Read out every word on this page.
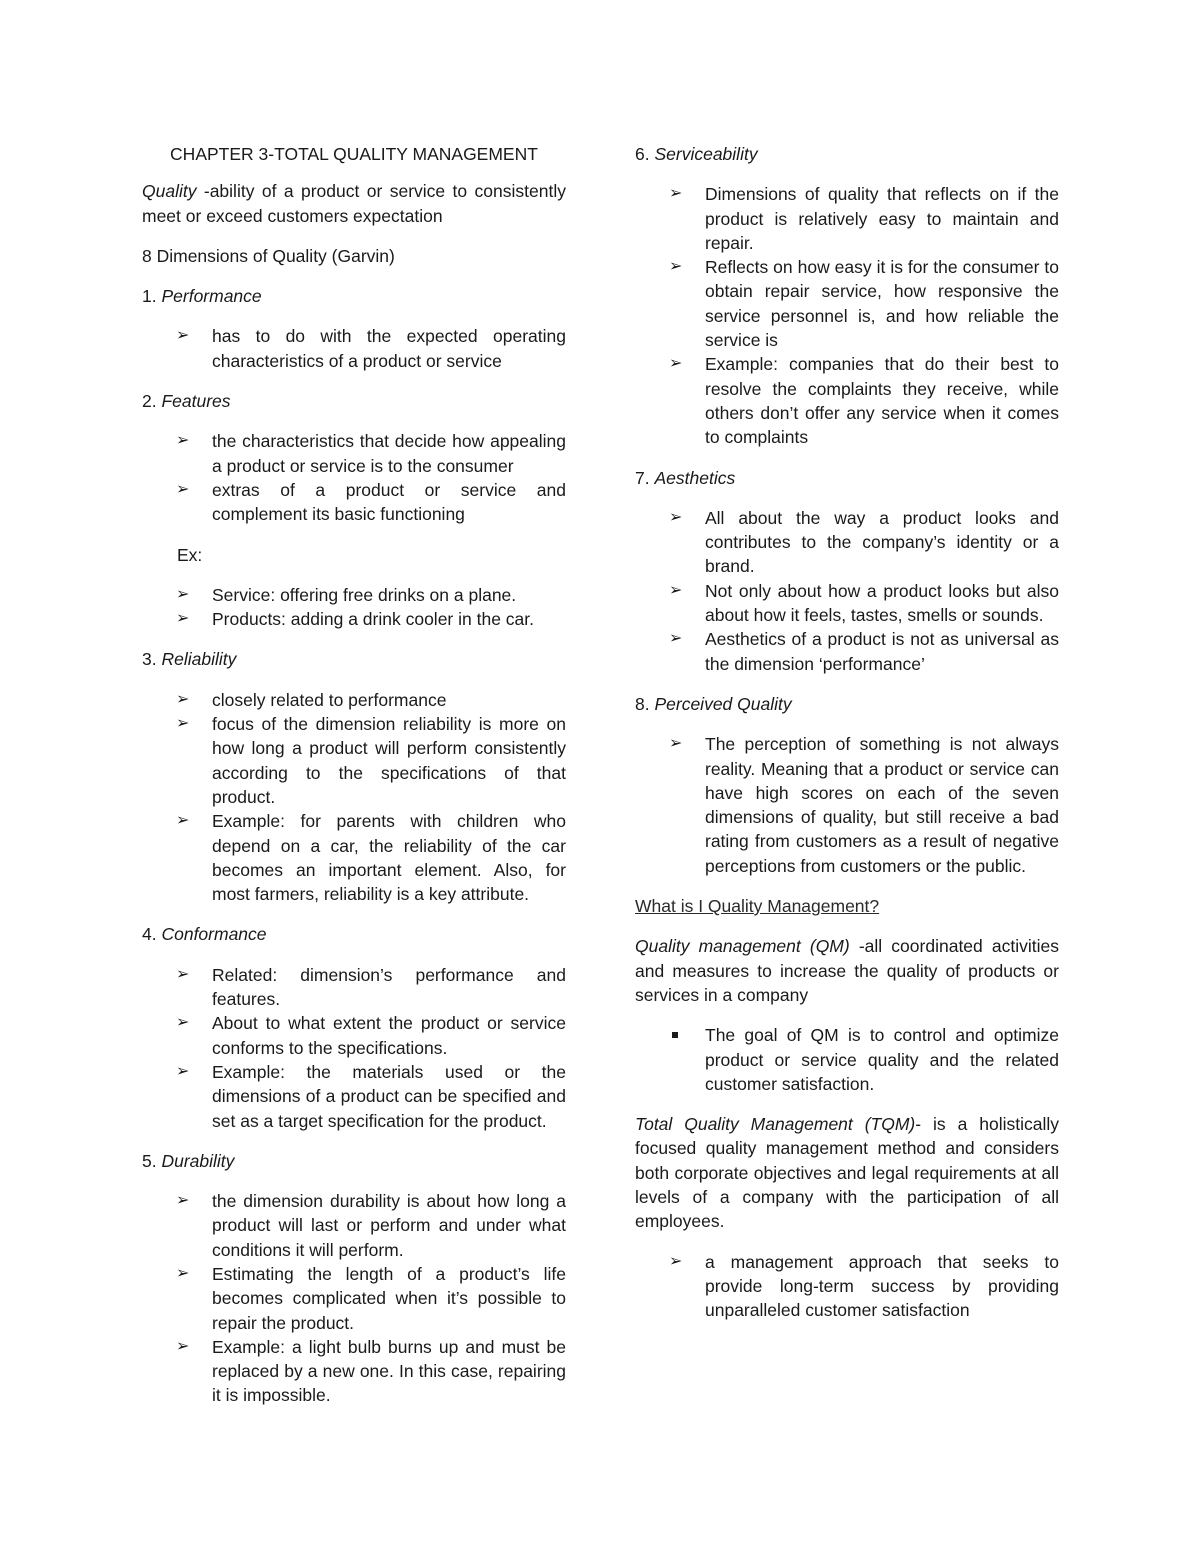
CHAPTER 3-TOTAL QUALITY MANAGEMENT

Quality -ability of a product or service to consistently meet or exceed customers expectation

8 Dimensions of Quality (Garvin)

1. Performance

➢ has to do with the expected operating characteristics of a product or service

2. Features

➢ the characteristics that decide how appealing a product or service is to the consumer
➢ extras of a product or service and complement its basic functioning

Ex:

➢ Service: offering free drinks on a plane.
➢ Products: adding a drink cooler in the car.

3. Reliability

➢ closely related to performance
➢ focus of the dimension reliability is more on how long a product will perform consistently according to the specifications of that product.
➢ Example: for parents with children who depend on a car, the reliability of the car becomes an important element. Also, for most farmers, reliability is a key attribute.

4. Conformance

➢ Related: dimension’s performance and features.
➢ About to what extent the product or service conforms to the specifications.
➢ Example: the materials used or the dimensions of a product can be specified and set as a target specification for the product.

5. Durability

➢ the dimension durability is about how long a product will last or perform and under what conditions it will perform.
➢ Estimating the length of a product’s life becomes complicated when it’s possible to repair the product.
➢ Example: a light bulb burns up and must be replaced by a new one. In this case, repairing it is impossible.

6. Serviceability

➢ Dimensions of quality that reflects on if the product is relatively easy to maintain and repair.
➢ Reflects on how easy it is for the consumer to obtain repair service, how responsive the service personnel is, and how reliable the service is
➢ Example: companies that do their best to resolve the complaints they receive, while others don’t offer any service when it comes to complaints

7. Aesthetics

➢ All about the way a product looks and contributes to the company’s identity or a brand.
➢ Not only about how a product looks but also about how it feels, tastes, smells or sounds.
➢ Aesthetics of a product is not as universal as the dimension ‘performance’

8. Perceived Quality

➢ The perception of something is not always reality. Meaning that a product or service can have high scores on each of the seven dimensions of quality, but still receive a bad rating from customers as a result of negative perceptions from customers or the public.

What is I Quality Management?

Quality management (QM) -all coordinated activities and measures to increase the quality of products or services in a company

The goal of QM is to control and optimize product or service quality and the related customer satisfaction.

Total Quality Management (TQM)- is a holistically focused quality management method and considers both corporate objectives and legal requirements at all levels of a company with the participation of all employees.

➢ a management approach that seeks to provide long-term success by providing unparalleled customer satisfaction
